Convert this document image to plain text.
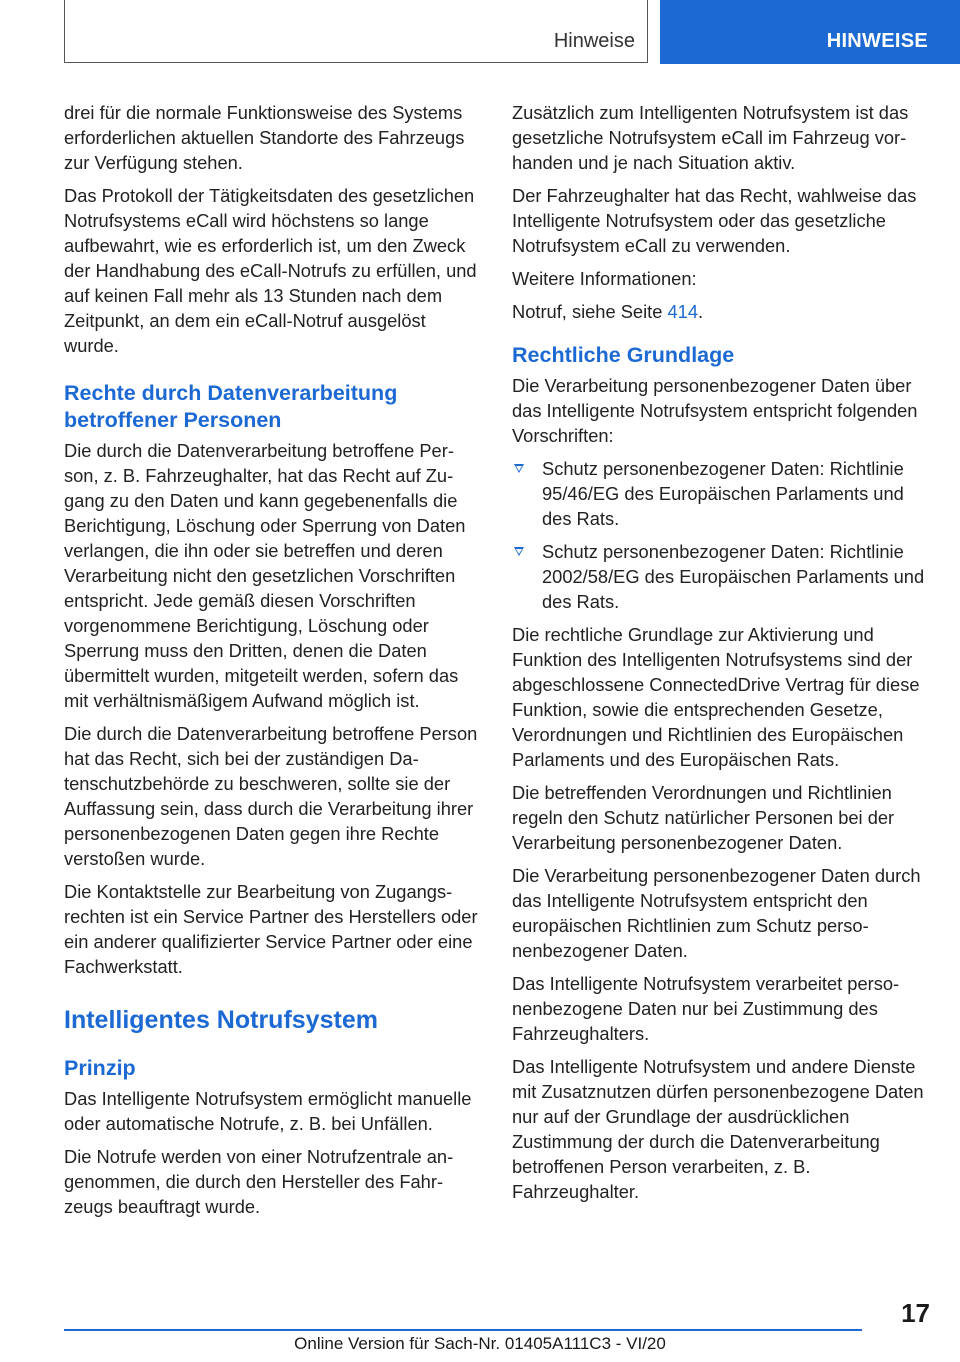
Hinweise	HINWEISE

drei für die normale Funktionsweise des Systems erforderlichen aktuellen Standorte des Fahrzeugs zur Verfügung stehen.

Das Protokoll der Tätigkeitsdaten des gesetzlichen Notrufsystems eCall wird höchstens so lange aufbewahrt, wie es erforderlich ist, um den Zweck der Handhabung des eCall-Notrufs zu erfüllen, und auf keinen Fall mehr als 13 Stunden nach dem Zeitpunkt, an dem ein eCall-Notruf ausgelöst wurde.

Rechte durch Datenverarbeitung betroffener Personen

Die durch die Datenverarbeitung betroffene Person, z. B. Fahrzeughalter, hat das Recht auf Zugang zu den Daten und kann gegebenenfalls die Berichtigung, Löschung oder Sperrung von Daten verlangen, die ihn oder sie betreffen und deren Verarbeitung nicht den gesetzlichen Vorschriften entspricht. Jede gemäß diesen Vorschriften vorgenommene Berichtigung, Löschung oder Sperrung muss den Dritten, denen die Daten übermittelt wurden, mitgeteilt werden, sofern das mit verhältnismäßigem Aufwand möglich ist.

Die durch die Datenverarbeitung betroffene Person hat das Recht, sich bei der zuständigen Datenschutzbehörde zu beschweren, sollte sie der Auffassung sein, dass durch die Verarbeitung ihrer personenbezogenen Daten gegen ihre Rechte verstoßen wurde.

Die Kontaktstelle zur Bearbeitung von Zugangsrechten ist ein Service Partner des Herstellers oder ein anderer qualifizierter Service Partner oder eine Fachwerkstatt.

Intelligentes Notrufsystem
Prinzip

Das Intelligente Notrufsystem ermöglicht manuelle oder automatische Notrufe, z. B. bei Unfällen.

Die Notrufe werden von einer Notrufzentrale angenommen, die durch den Hersteller des Fahrzeugs beauftragt wurde.

Zusätzlich zum Intelligenten Notrufsystem ist das gesetzliche Notrufsystem eCall im Fahrzeug vorhanden und je nach Situation aktiv.

Der Fahrzeughalter hat das Recht, wahlweise das Intelligente Notrufsystem oder das gesetzliche Notrufsystem eCall zu verwenden.

Weitere Informationen:

Notruf, siehe Seite 414.

Rechtliche Grundlage

Die Verarbeitung personenbezogener Daten über das Intelligente Notrufsystem entspricht folgenden Vorschriften:

Schutz personenbezogener Daten: Richtlinie 95/46/EG des Europäischen Parlaments und des Rats.
Schutz personenbezogener Daten: Richtlinie 2002/58/EG des Europäischen Parlaments und des Rats.

Die rechtliche Grundlage zur Aktivierung und Funktion des Intelligenten Notrufsystems sind der abgeschlossene ConnectedDrive Vertrag für diese Funktion, sowie die entsprechenden Gesetze, Verordnungen und Richtlinien des Europäischen Parlaments und des Europäischen Rats.

Die betreffenden Verordnungen und Richtlinien regeln den Schutz natürlicher Personen bei der Verarbeitung personenbezogener Daten.

Die Verarbeitung personenbezogener Daten durch das Intelligente Notrufsystem entspricht den europäischen Richtlinien zum Schutz personenbezogener Daten.

Das Intelligente Notrufsystem verarbeitet personenbezogene Daten nur bei Zustimmung des Fahrzeughalters.

Das Intelligente Notrufsystem und andere Dienste mit Zusatznutzen dürfen personenbezogene Daten nur auf der Grundlage der ausdrücklichen Zustimmung der durch die Datenverarbeitung betroffenen Person verarbeiten, z. B. Fahrzeughalter.

17
Online Version für Sach-Nr. 01405A111C3 - VI/20
